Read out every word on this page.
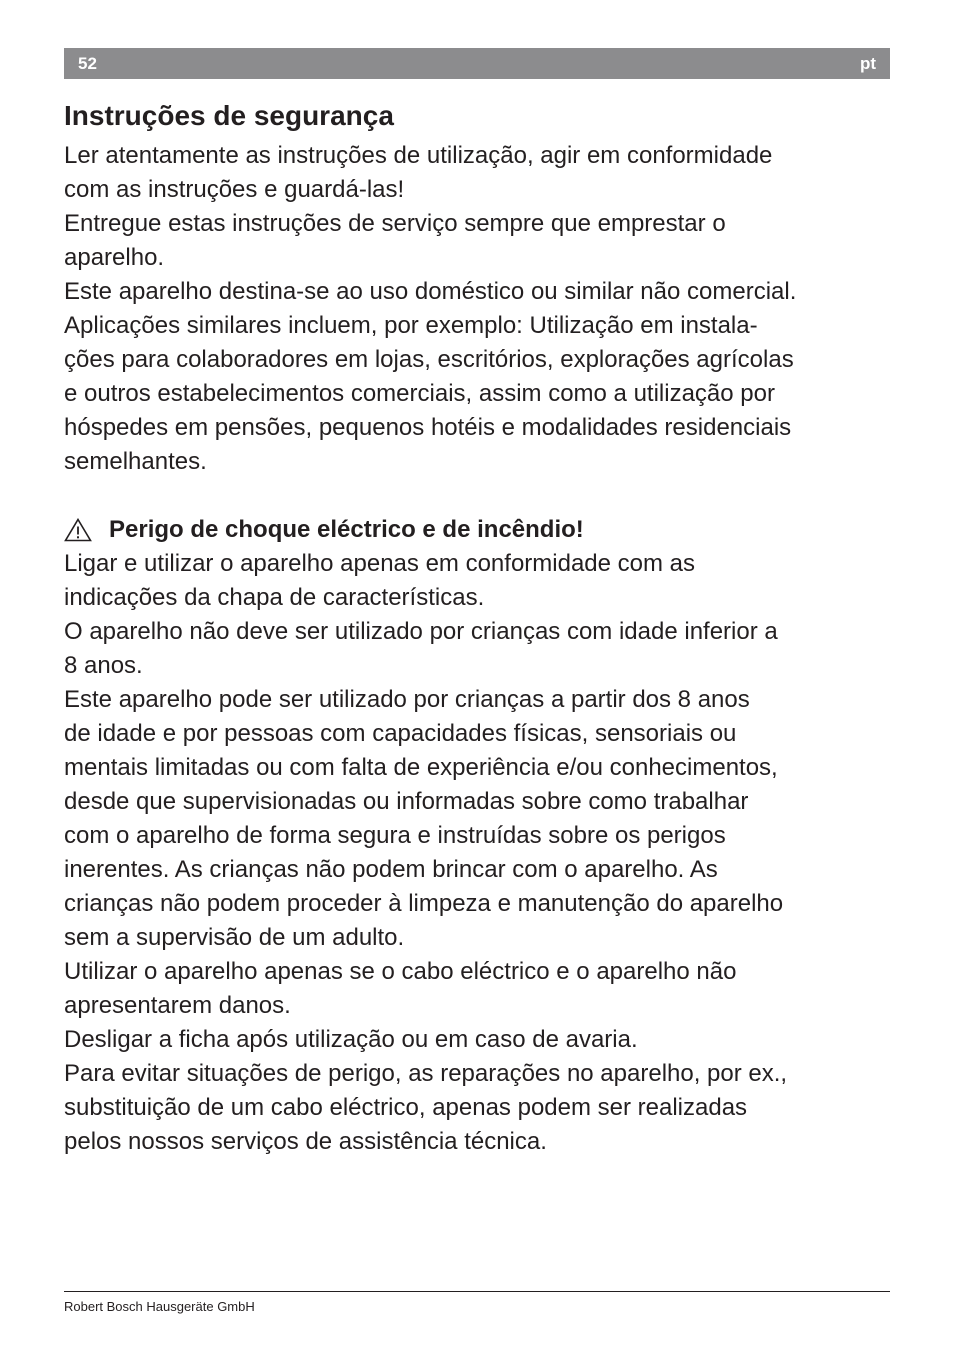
52	pt
Instruções de segurança

Ler atentamente as instruções de utilização, agir em conformidade

com as instruções e guardá-las!

Entregue estas instruções de serviço sempre que emprestar o

aparelho.

Este aparelho destina-se ao uso doméstico ou similar não comercial.

Aplicações similares incluem, por exemplo: Utilização em instala-

ções para colaboradores em lojas, escritórios, explorações agrícolas

e outros estabelecimentos comerciais, assim como a utilização por

hóspedes em pensões, pequenos hotéis e modalidades residenciais

semelhantes.

Perigo de choque eléctrico e de incêndio!

Ligar e utilizar o aparelho apenas em conformidade com as

indicações da chapa de características.

O aparelho não deve ser utilizado por crianças com idade inferior a

8 anos.

Este aparelho pode ser utilizado por crianças a partir dos 8 anos

de idade e por pessoas com capacidades físicas, sensoriais ou

mentais limitadas ou com falta de experiência e/ou conhecimentos,

desde que supervisionadas ou informadas sobre como trabalhar

com o aparelho de forma segura e instruídas sobre os perigos

inerentes. As crianças não podem brincar com o aparelho. As

crianças não podem proceder à limpeza e manutenção do aparelho

sem a supervisão de um adulto.

Utilizar o aparelho apenas se o cabo eléctrico e o aparelho não

apresentarem danos.

Desligar a ficha após utilização ou em caso de avaria.

Para evitar situações de perigo, as reparações no aparelho, por ex.,

substituição de um cabo eléctrico, apenas podem ser realizadas

pelos nossos serviços de assistência técnica.

Robert Bosch Hausgeräte GmbH
